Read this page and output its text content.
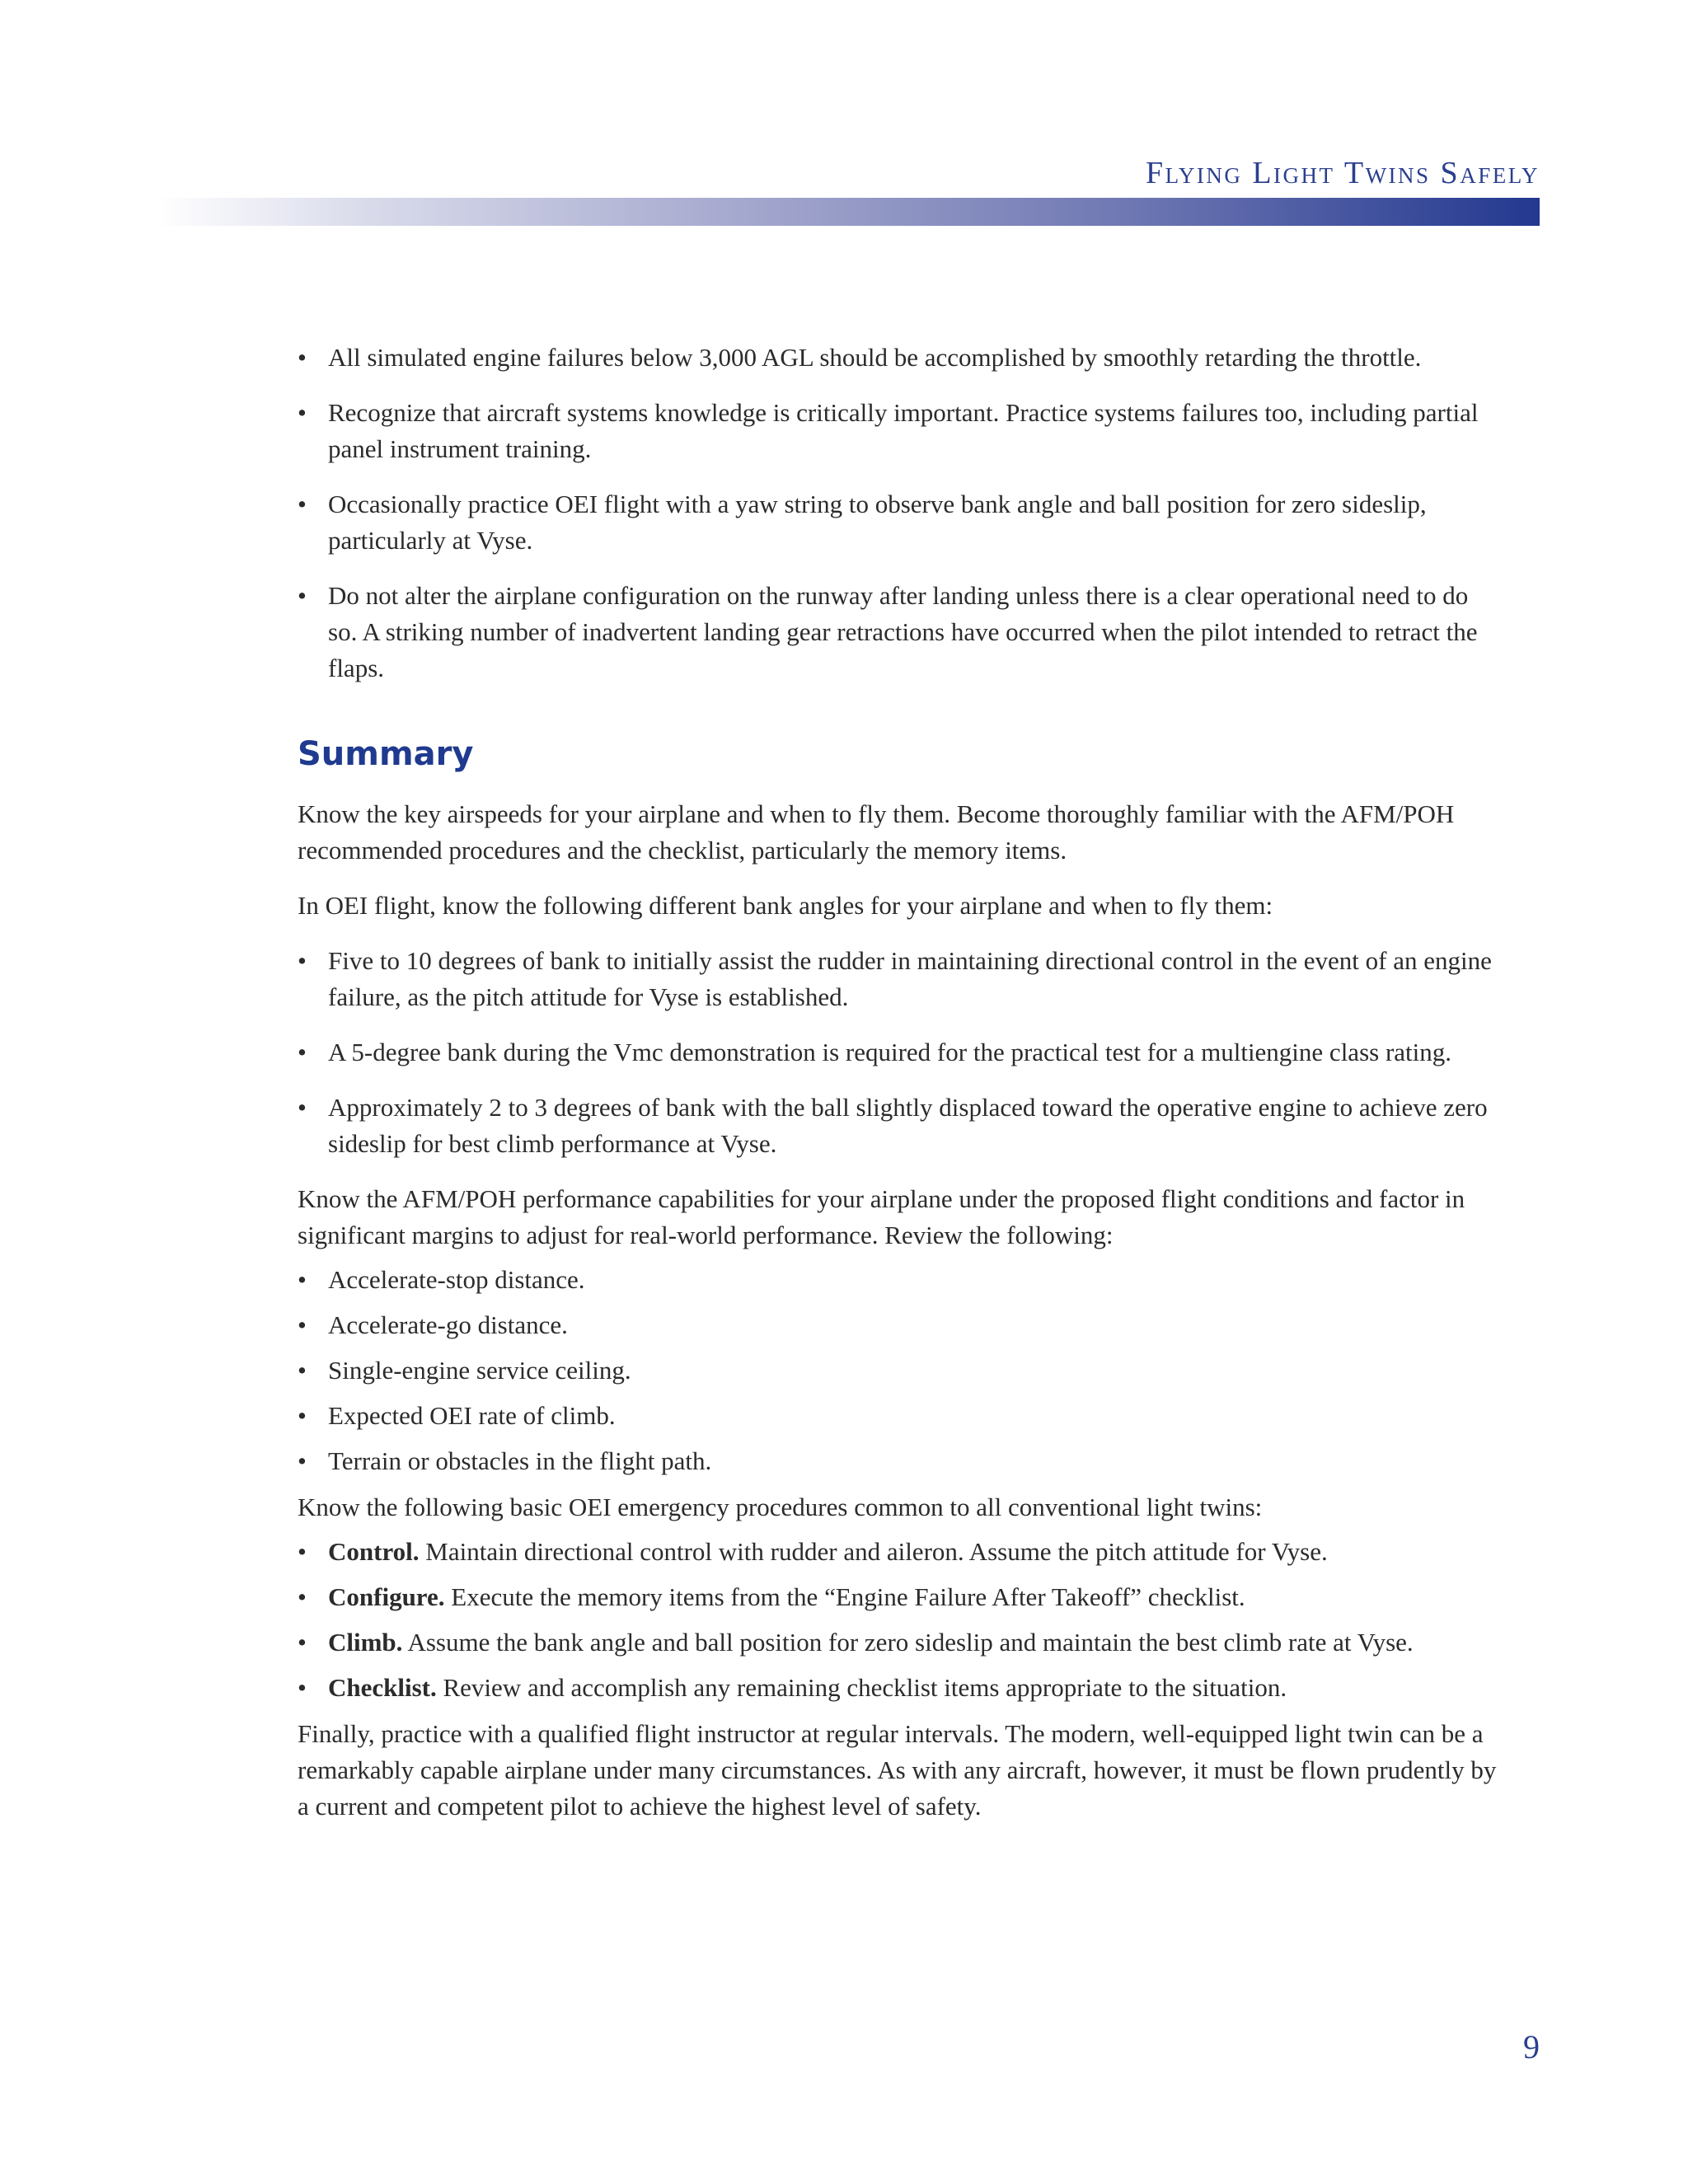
Flying Light Twins Safely
• All simulated engine failures below 3,000 AGL should be accomplished by smoothly retarding the throttle.
• Recognize that aircraft systems knowledge is critically important. Practice systems failures too, including partial panel instrument training.
• Occasionally practice OEI flight with a yaw string to observe bank angle and ball position for zero sideslip, particularly at Vyse.
• Do not alter the airplane configuration on the runway after landing unless there is a clear operational need to do so. A striking number of inadvertent landing gear retractions have occurred when the pilot intended to retract the flaps.
Summary

Know the key airspeeds for your airplane and when to fly them. Become thoroughly familiar with the AFM/POH recommended procedures and the checklist, particularly the memory items.

In OEI flight, know the following different bank angles for your airplane and when to fly them:

• Five to 10 degrees of bank to initially assist the rudder in maintaining directional control in the event of an engine failure, as the pitch attitude for Vyse is established.
• A 5-degree bank during the Vmc demonstration is required for the practical test for a multiengine class rating.
• Approximately 2 to 3 degrees of bank with the ball slightly displaced toward the operative engine to achieve zero sideslip for best climb performance at Vyse.

Know the AFM/POH performance capabilities for your airplane under the proposed flight conditions and factor in significant margins to adjust for real-world performance. Review the following:

• Accelerate-stop distance.
• Accelerate-go distance.
• Single-engine service ceiling.
• Expected OEI rate of climb.
• Terrain or obstacles in the flight path.

Know the following basic OEI emergency procedures common to all conventional light twins:

• Control. Maintain directional control with rudder and aileron. Assume the pitch attitude for Vyse.
• Configure. Execute the memory items from the “Engine Failure After Takeoff” checklist.
• Climb. Assume the bank angle and ball position for zero sideslip and maintain the best climb rate at Vyse.
• Checklist. Review and accomplish any remaining checklist items appropriate to the situation.

Finally, practice with a qualified flight instructor at regular intervals. The modern, well-equipped light twin can be a remarkably capable airplane under many circumstances. As with any aircraft, however, it must be flown prudently by a current and competent pilot to achieve the highest level of safety.

9
